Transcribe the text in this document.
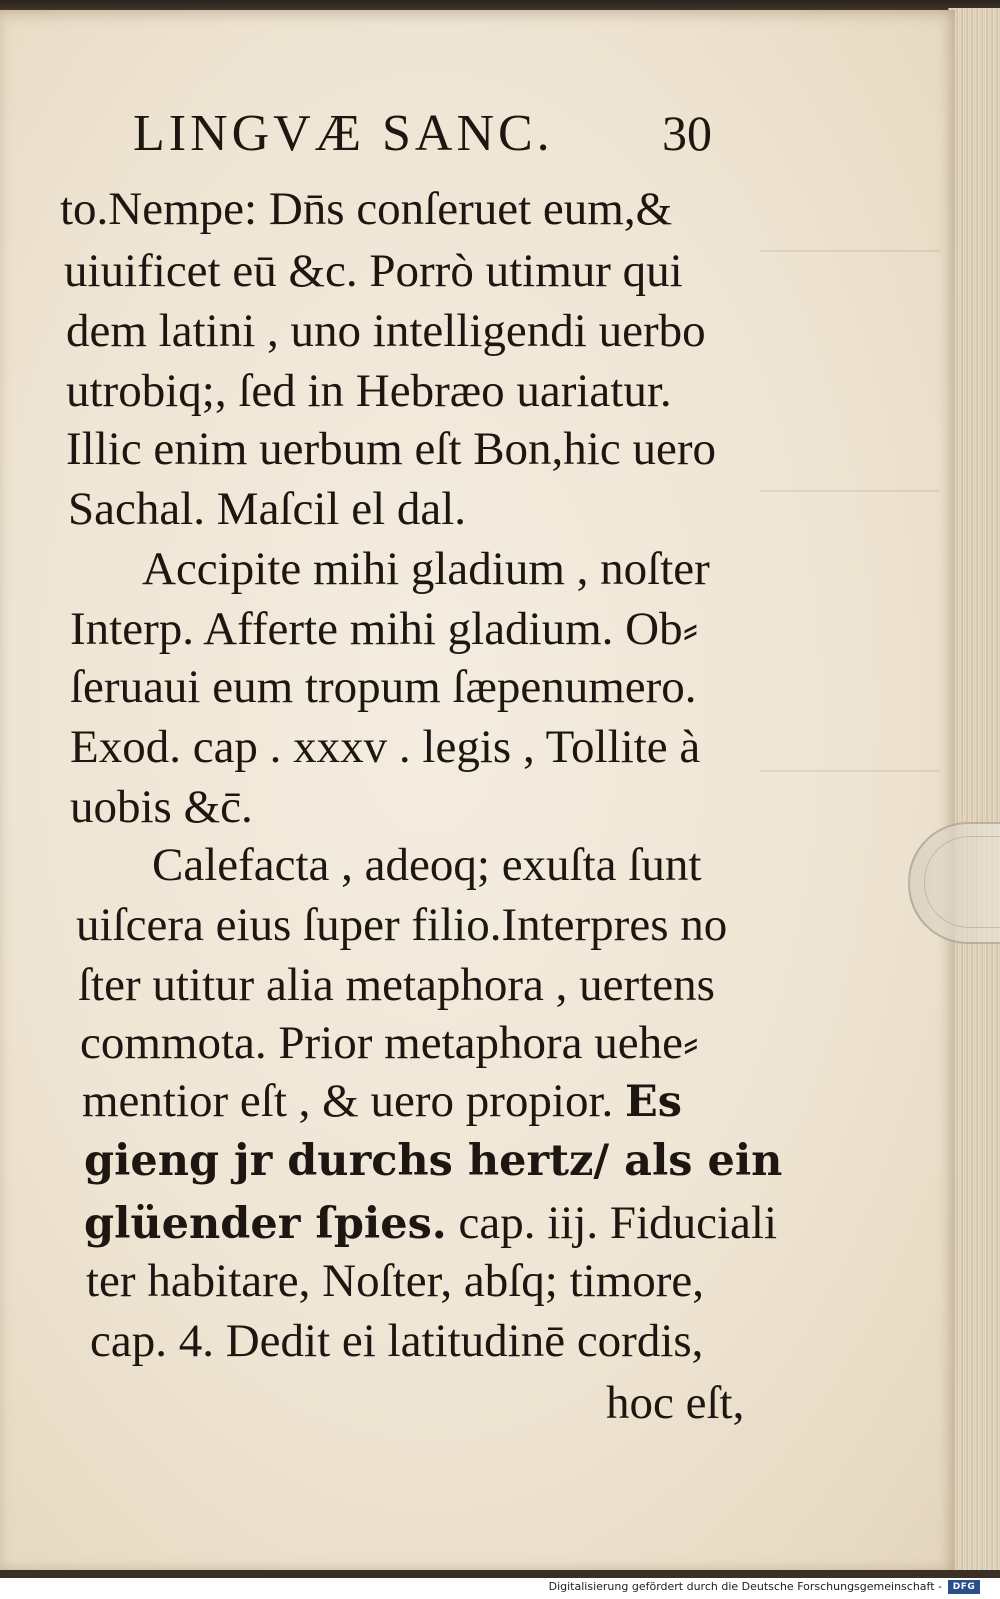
LINGVÆ SANC. 30
to.Nempe: Dn̄s conſeruet eum,&
uiuificet eū &c. Porrò utimur qui
dem latini , uno intelligendi uerbo
utrobiq;, ſed in Hebræo uariatur.
Illic enim uerbum eſt Bon,hic uero
Sachal. Maſcil el dal.
Accipite mihi gladium , noſter
Interp. Afferte mihi gladium. Ob⸗
ſeruaui eum tropum ſæpenumero.
Exod. cap . xxxv . legis , Tollite à
uobis &c̄.
Calefacta , adeoq; exuſta ſunt
uiſcera eius ſuper filio.Interpres no
ſter utitur alia metaphora , uertens
commota. Prior metaphora uehe⸗
mentior eſt , & uero propior. Es
gieng jr durchs hertz/ als ein
glüender ſpies. cap. iij. Fiduciali
ter habitare, Noſter, abſq; timore,
cap. 4. Dedit ei latitudinē cordis,
hoc eſt,
Digitalisierung gefördert durch die Deutsche Forschungsgemeinschaft -	DFG
